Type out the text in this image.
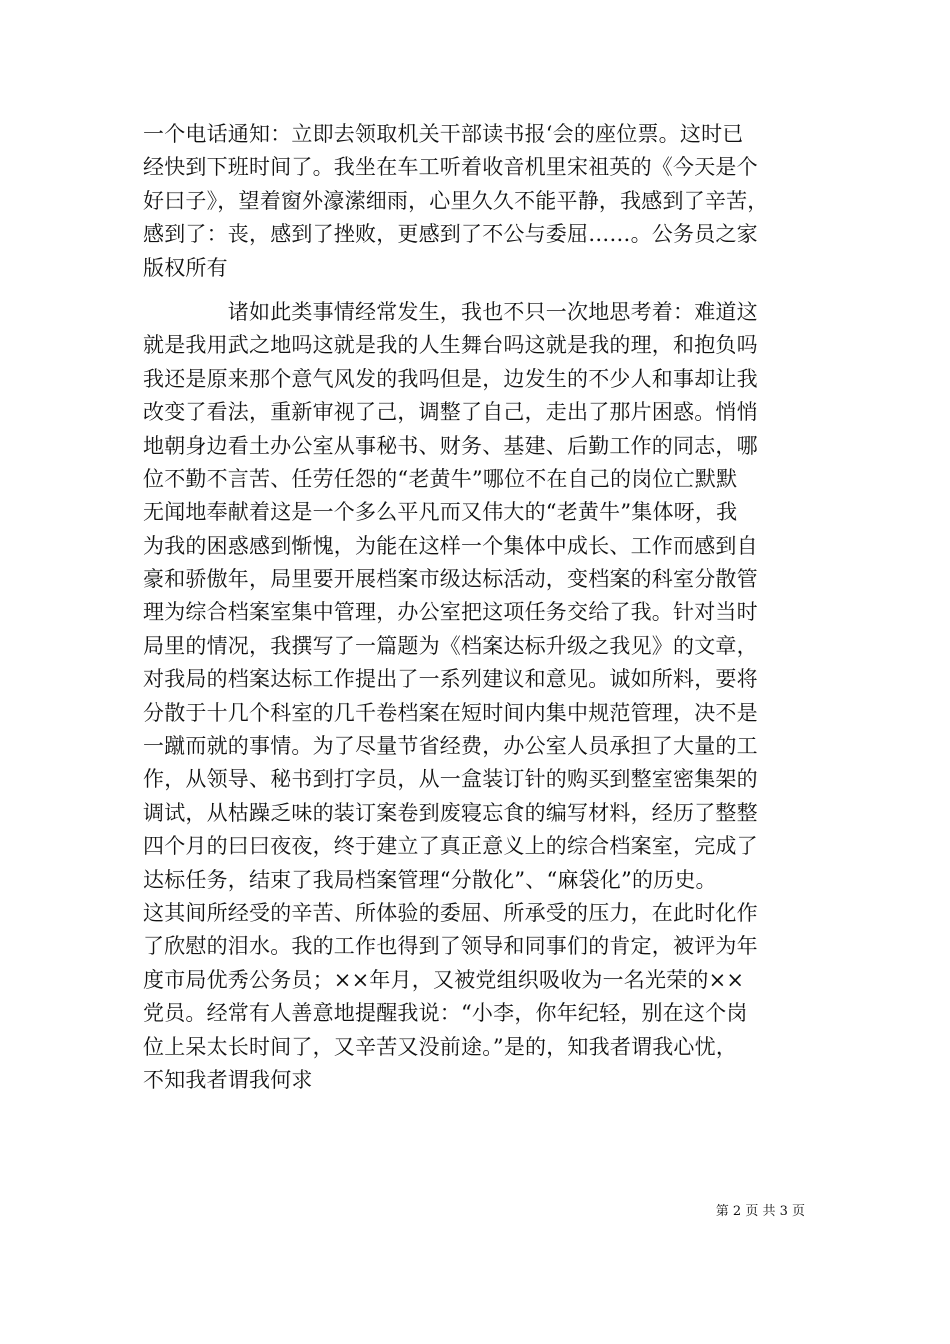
一个电话通知：立即去领取机关干部读书报‘会的座位票。这时已
经快到下班时间了。我坐在车工听着收音机里宋祖英的《今天是个
好曰子》，望着窗外濠潆细雨，心里久久不能平静，我感到了辛苦，
感到了：丧，感到了挫败，更感到了不公与委屈……。公务员之家
版权所有
　　　　诸如此类事情经常发生，我也不只一次地思考着：难道这
就是我用武之地吗这就是我的人生舞台吗这就是我的理，和抱负吗
我还是原来那个意气风发的我吗但是，边发生的不少人和事却让我
改变了看法，重新审视了己，调整了自己，走出了那片困惑。悄悄
地朝身边看土办公室从事秘书、财务、基建、后勤工作的同志，哪
位不勤不言苦、任劳任怨的“老黄牛”哪位不在自己的岗位亡默默
无闻地奉献着这是一个多么平凡而又伟大的“老黄牛”集体呀，我
为我的困惑感到惭愧，为能在这样一个集体中成长、工作而感到自
豪和骄傲年，局里要开展档案市级达标活动，变档案的科室分散管
理为综合档案室集中管理，办公室把这项任务交给了我。针对当时
局里的情况，我撰写了一篇题为《档案达标升级之我见》的文章，
对我局的档案达标工作提出了一系列建议和意见。诚如所料，要将
分散于十几个科室的几千卷档案在短时间内集中规范管理，决不是
一蹴而就的事情。为了尽量节省经费，办公室人员承担了大量的工
作，从领导、秘书到打字员，从一盒装订针的购买到整室密集架的
调试，从枯躁乏味的装订案卷到废寝忘食的编写材料，经历了整整
四个月的曰曰夜夜，终于建立了真正意义上的综合档案室，完成了
达标任务，结束了我局档案管理“分散化”、“麻袋化”的历史。
这其间所经受的辛苦、所体验的委屈、所承受的压力，在此时化作
了欣慰的泪水。我的工作也得到了领导和同事们的肯定，被评为年
度市局优秀公务员；××年月，又被党组织吸收为一名光荣的××
党员。经常有人善意地提醒我说：“小李，你年纪轻，别在这个岗
位上呆太长时间了，又辛苦又没前途。”是的，知我者谓我心忧，
不知我者谓我何求
第 2 页 共 3 页
